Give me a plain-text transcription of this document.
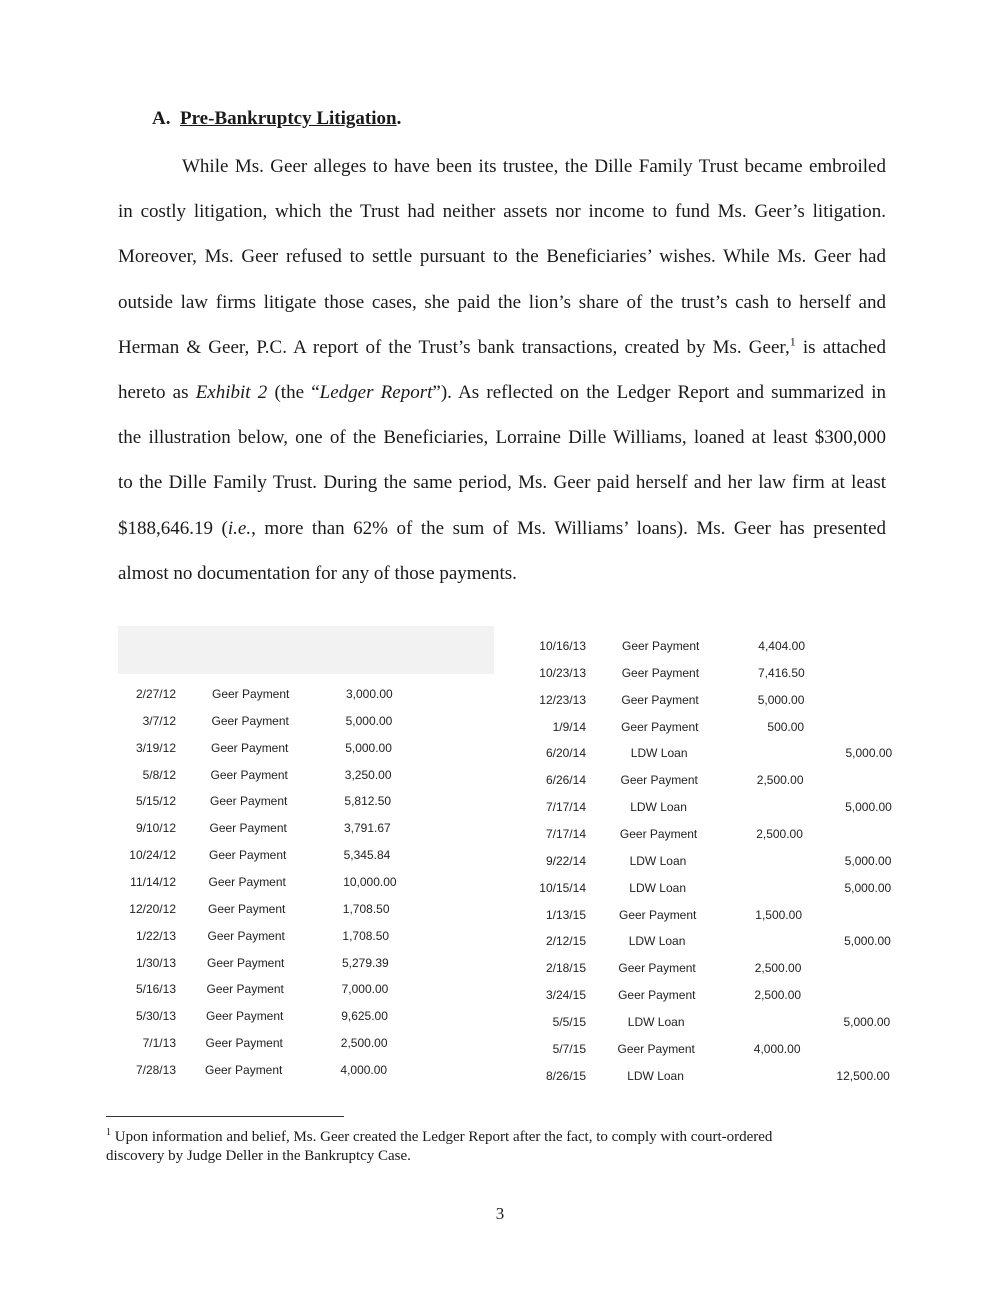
A. Pre-Bankruptcy Litigation.
While Ms. Geer alleges to have been its trustee, the Dille Family Trust became embroiled
in costly litigation, which the Trust had neither assets nor income to fund Ms. Geer’s litigation.
Moreover, Ms. Geer refused to settle pursuant to the Beneficiaries’ wishes. While Ms. Geer had
outside law firms litigate those cases, she paid the lion’s share of the trust’s cash to herself and
Herman & Geer, P.C. A report of the Trust’s bank transactions, created by Ms. Geer,$^1$ is attached
hereto as Exhibit 2 (the “Ledger Report”). As reflected on the Ledger Report and summarized in
the illustration below, one of the Beneficiaries, Lorraine Dille Williams, loaned at least $300,000
to the Dille Family Trust. During the same period, Ms. Geer paid herself and her law firm at least
$188,646.19 (i.e., more than 62% of the sum of Ms. Williams’ loans). Ms. Geer has presented
almost no documentation for any of those payments.
2/27/12	Geer Payment	3,000.00
3/7/12	Geer Payment	5,000.00
3/19/12	Geer Payment	5,000.00
5/8/12	Geer Payment	3,250.00
5/15/12	Geer Payment	5,812.50
9/10/12	Geer Payment	3,791.67
10/24/12	Geer Payment	5,345.84
11/14/12	Geer Payment	10,000.00
12/20/12	Geer Payment	1,708.50
1/22/13	Geer Payment	1,708.50
1/30/13	Geer Payment	5,279.39
5/16/13	Geer Payment	7,000.00
5/30/13	Geer Payment	9,625.00
7/1/13 Geer Payment	2,500.00
7/28/13 Geer Payment	4,000.00
10/16/13	Geer Payment	4,404.00
10/23/13	Geer Payment	7,416.50
12/23/13	Geer Payment	5,000.00
1/9/14	Geer Payment	500.00
6/20/14	LDW Loan	5,000.00
6/26/14	Geer Payment	2,500.00
7/17/14	LDW Loan	5,000.00
7/17/14	Geer Payment	2,500.00
9/22/14	LDW Loan	5,000.00
10/15/14	LDW Loan	5,000.00
1/13/15	Geer Payment	1,500.00
2/12/15	LDW Loan	5,000.00
2/18/15	Geer Payment	2,500.00
3/24/15	Geer Payment	2,500.00
5/5/15	LDW Loan	5,000.00
5/7/15	Geer Payment	4,000.00
8/26/15	LDW Loan	12,500.00
$^1$ Upon information and belief, Ms. Geer created the Ledger Report after the fact, to comply with court-ordered
discovery by Judge Deller in the Bankruptcy Case.
3
